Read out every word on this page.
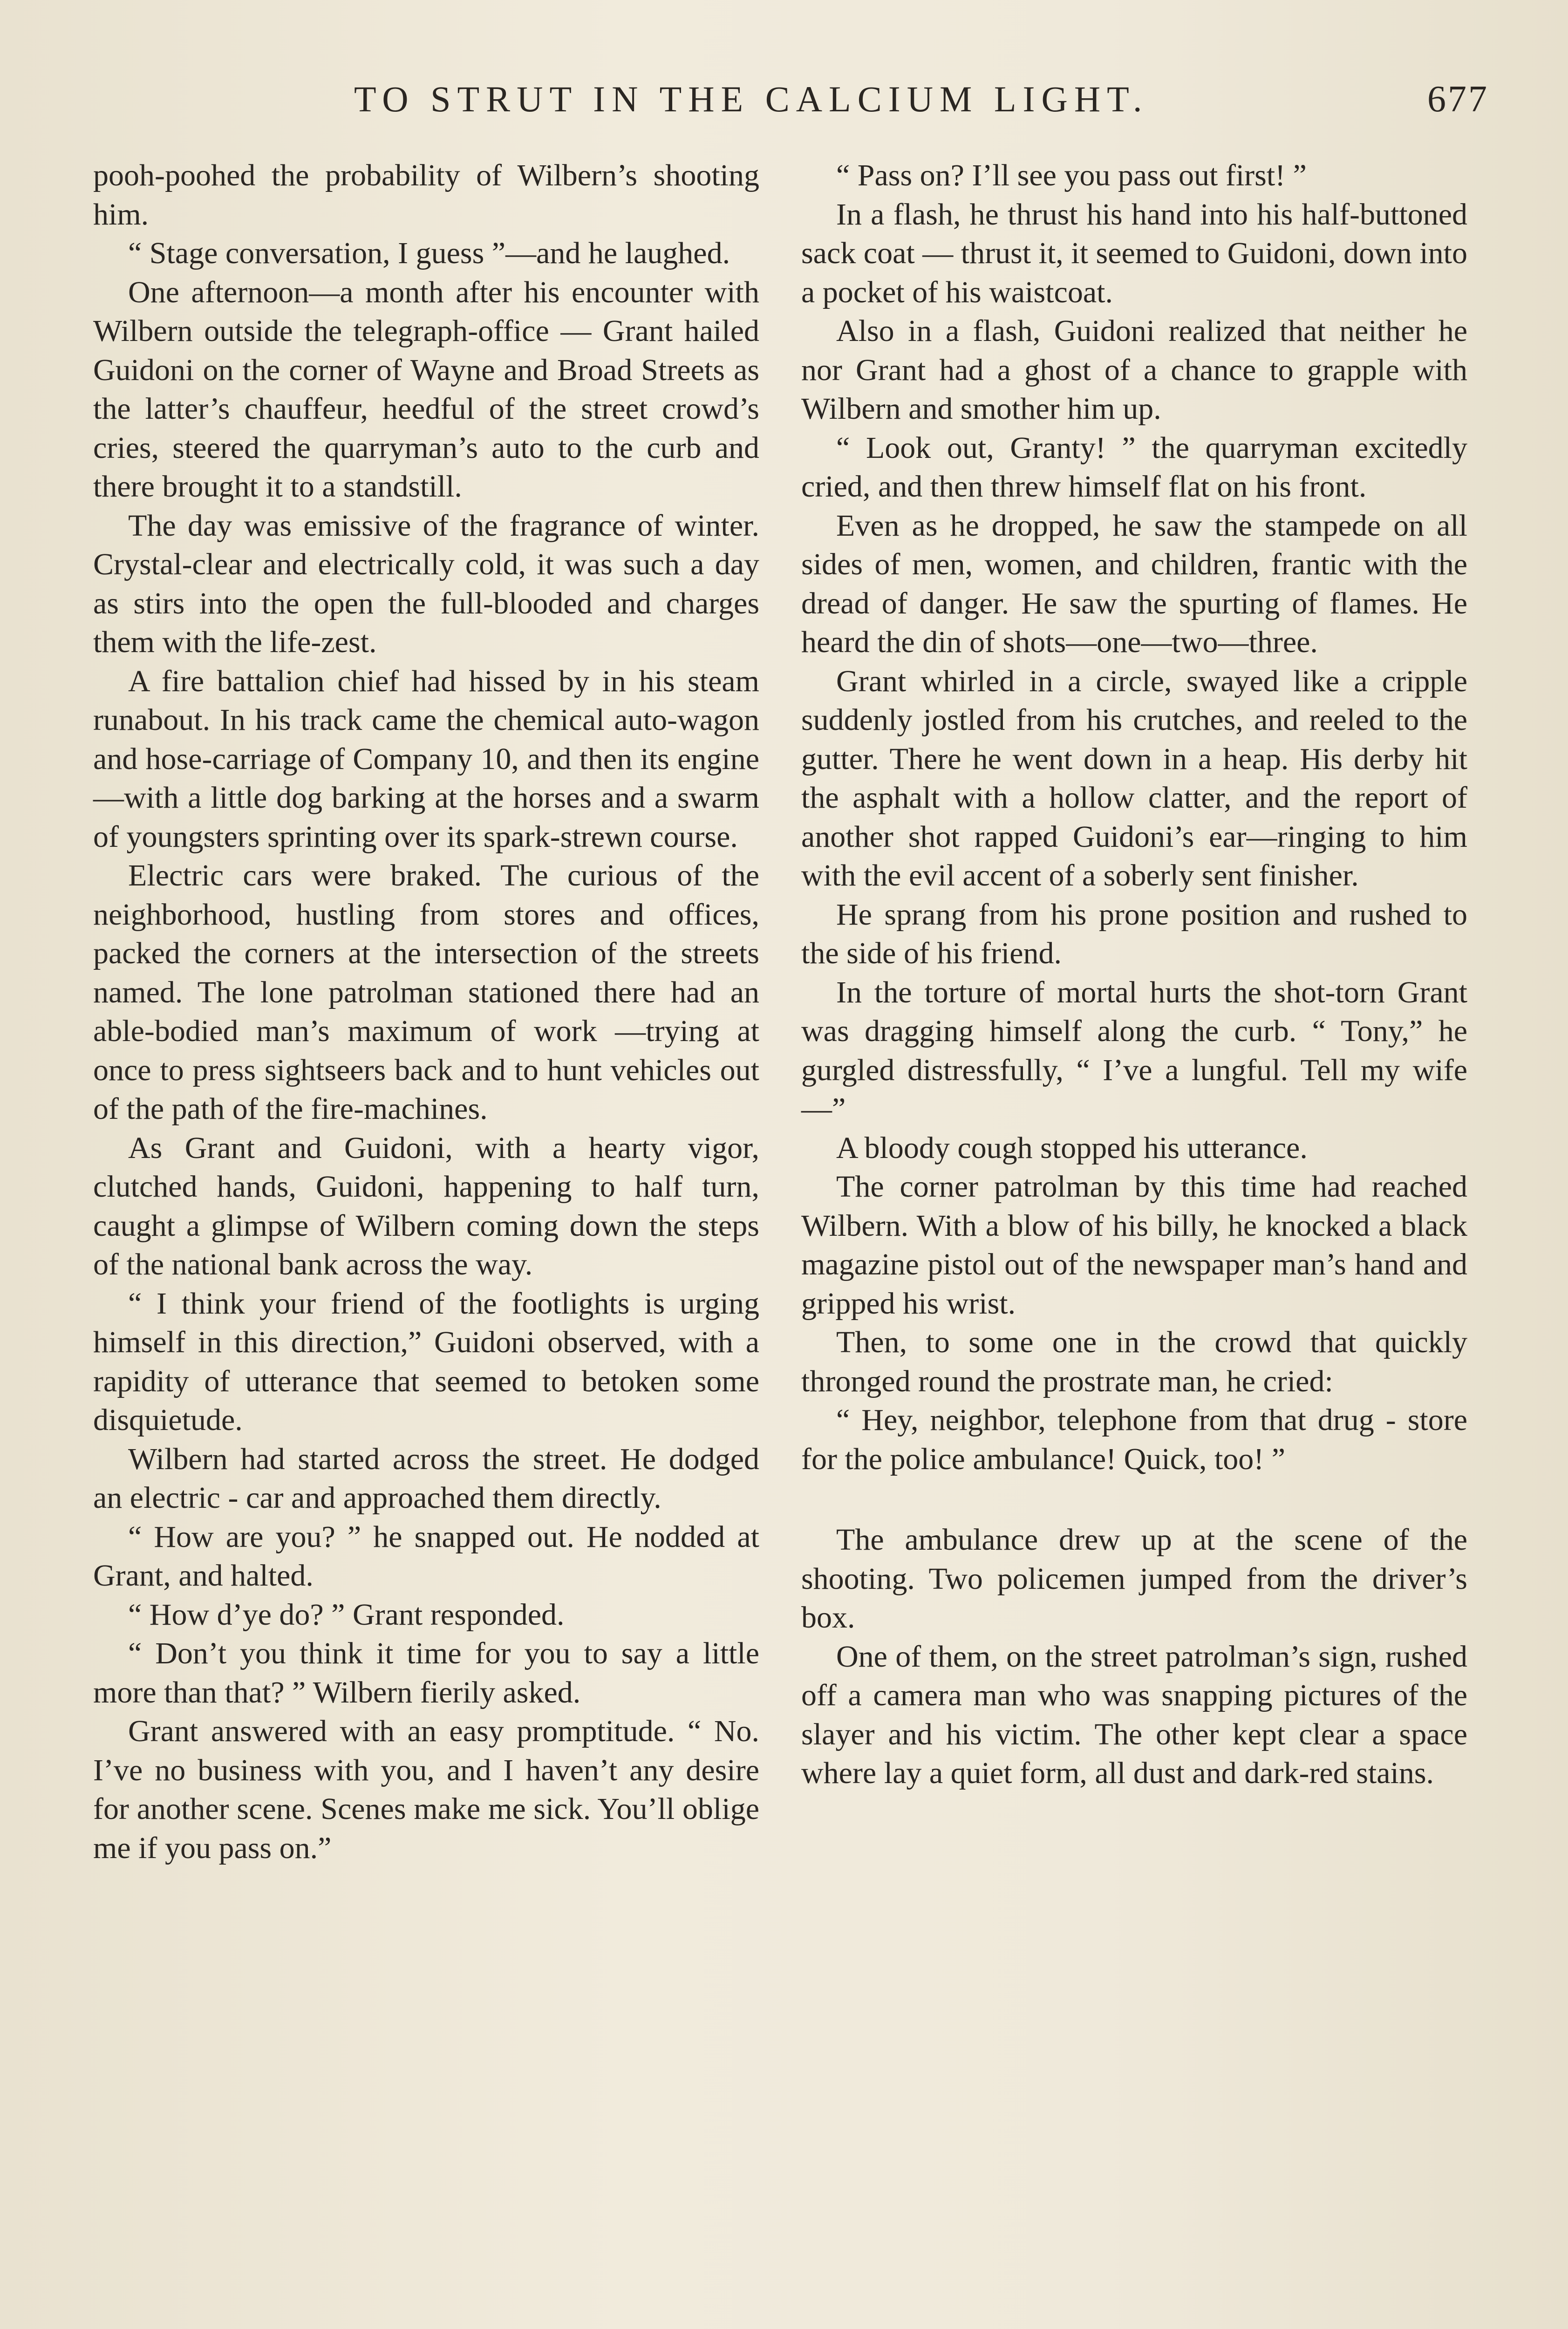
TO STRUT IN THE CALCIUM LIGHT.	677

pooh-poohed the probability of Wilbern’s shooting him.

“ Stage conversation, I guess ”—and he laughed.

One afternoon—a month after his encounter with Wilbern outside the telegraph-office — Grant hailed Guidoni on the corner of Wayne and Broad Streets as the latter’s chauffeur, heedful of the street crowd’s cries, steered the quarryman’s auto to the curb and there brought it to a standstill.

The day was emissive of the fragrance of winter. Crystal-clear and electrically cold, it was such a day as stirs into the open the full-blooded and charges them with the life-zest.

A fire battalion chief had hissed by in his steam runabout. In his track came the chemical auto-wagon and hose-carriage of Company 10, and then its engine—with a little dog barking at the horses and a swarm of youngsters sprinting over its spark-strewn course.

Electric cars were braked. The curious of the neighborhood, hustling from stores and offices, packed the corners at the intersection of the streets named. The lone patrolman stationed there had an able-bodied man’s maximum of work —trying at once to press sightseers back and to hunt vehicles out of the path of the fire-machines.

As Grant and Guidoni, with a hearty vigor, clutched hands, Guidoni, happening to half turn, caught a glimpse of Wilbern coming down the steps of the national bank across the way.

“ I think your friend of the footlights is urging himself in this direction,” Guidoni observed, with a rapidity of utterance that seemed to betoken some disquietude.

Wilbern had started across the street. He dodged an electric - car and approached them directly.

“ How are you? ” he snapped out. He nodded at Grant, and halted.

“ How d’ye do? ” Grant responded.

“ Don’t you think it time for you to say a little more than that? ” Wilbern fierily asked.

Grant answered with an easy promptitude. “ No. I’ve no business with you, and I haven’t any desire for another scene. Scenes make me sick. You’ll oblige me if you pass on.”

“ Pass on? I’ll see you pass out first! ”

In a flash, he thrust his hand into his half-buttoned sack coat — thrust it, it seemed to Guidoni, down into a pocket of his waistcoat.

Also in a flash, Guidoni realized that neither he nor Grant had a ghost of a chance to grapple with Wilbern and smother him up.

“ Look out, Granty! ” the quarryman excitedly cried, and then threw himself flat on his front.

Even as he dropped, he saw the stampede on all sides of men, women, and children, frantic with the dread of danger. He saw the spurting of flames. He heard the din of shots—one—two—three.

Grant whirled in a circle, swayed like a cripple suddenly jostled from his crutches, and reeled to the gutter. There he went down in a heap. His derby hit the asphalt with a hollow clatter, and the report of another shot rapped Guidoni’s ear—ringing to him with the evil accent of a soberly sent finisher.

He sprang from his prone position and rushed to the side of his friend.

In the torture of mortal hurts the shot-torn Grant was dragging himself along the curb. “ Tony,” he gurgled distressfully, “ I’ve a lungful. Tell my wife—”

A bloody cough stopped his utterance.

The corner patrolman by this time had reached Wilbern. With a blow of his billy, he knocked a black magazine pistol out of the newspaper man’s hand and gripped his wrist.

Then, to some one in the crowd that quickly thronged round the prostrate man, he cried:

“ Hey, neighbor, telephone from that drug - store for the police ambulance! Quick, too! ”

The ambulance drew up at the scene of the shooting. Two policemen jumped from the driver’s box.

One of them, on the street patrolman’s sign, rushed off a camera man who was snapping pictures of the slayer and his victim. The other kept clear a space where lay a quiet form, all dust and dark-red stains.
